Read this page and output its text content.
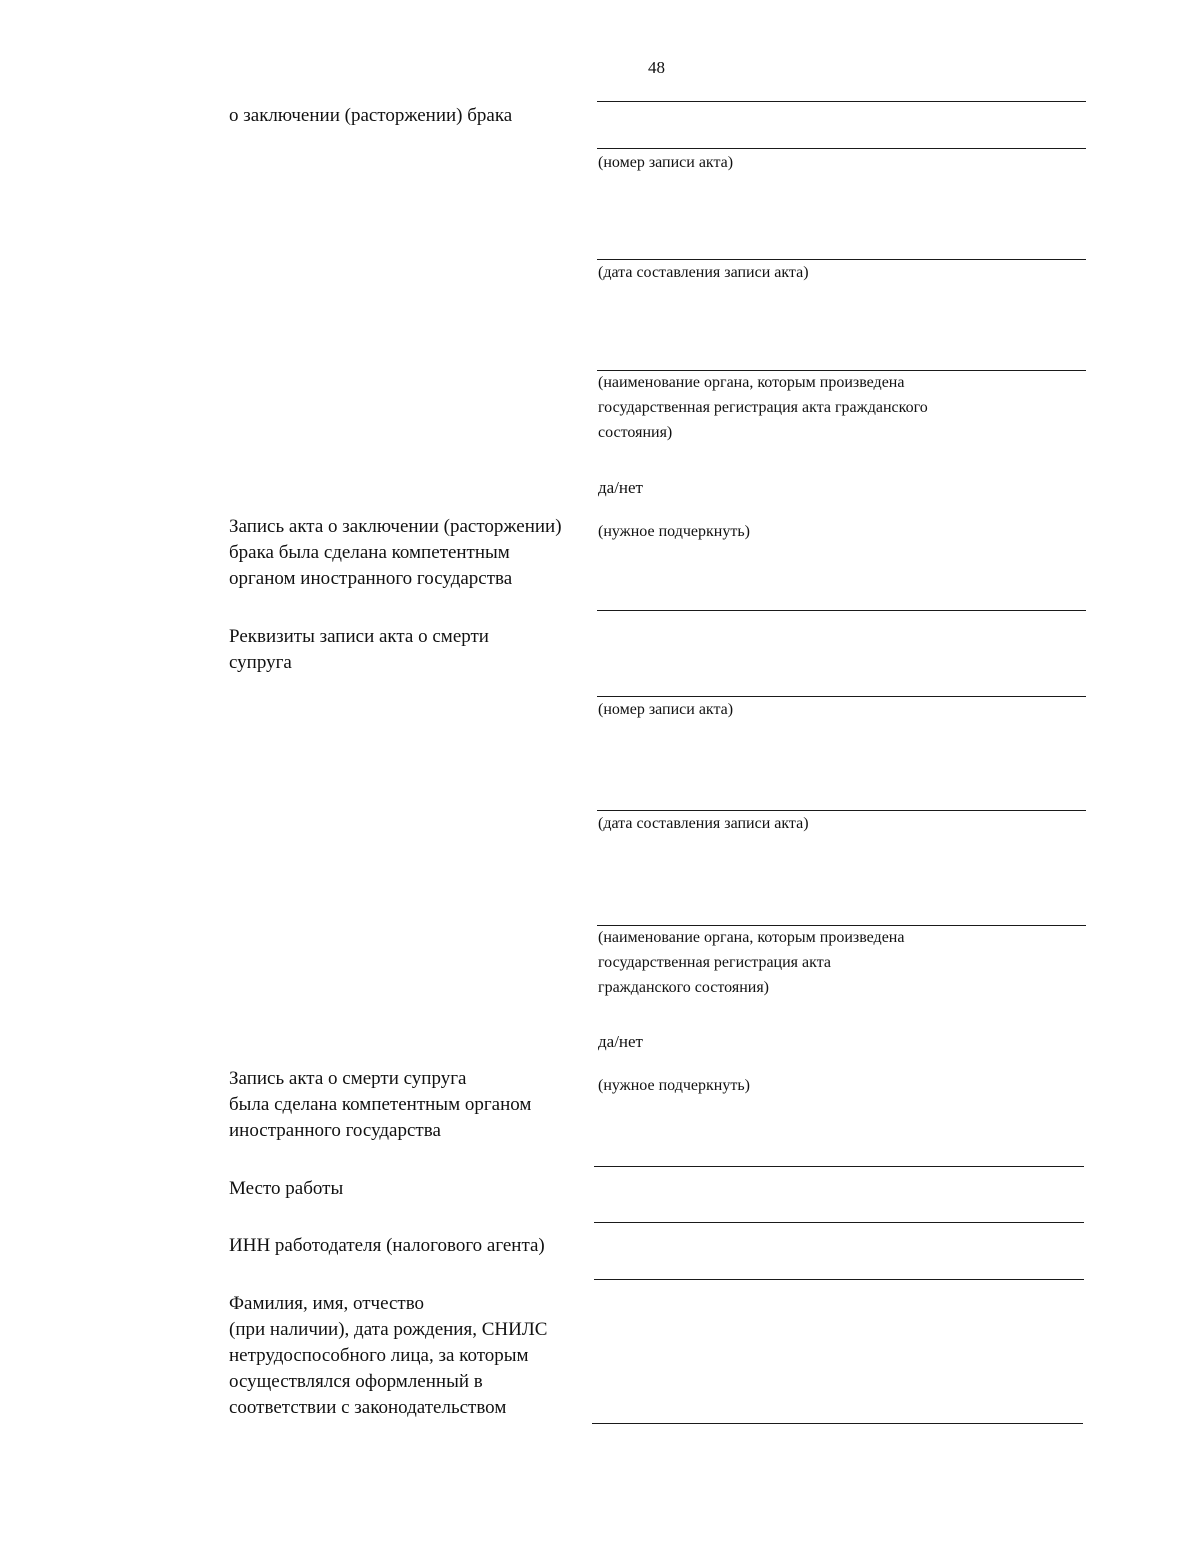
48
о заключении (расторжении) брака
(номер записи акта)
(дата составления записи акта)
(наименование органа, которым произведена
государственная регистрация акта гражданского
состояния)
да/нет
Запись акта о заключении (расторжении)
брака была сделана компетентным
органом иностранного государства
(нужное подчеркнуть)
Реквизиты записи акта о смерти
супруга
(номер записи акта)
(дата составления записи акта)
(наименование органа, которым произведена
государственная регистрация акта
гражданского состояния)
да/нет
Запись акта о смерти супруга
была сделана компетентным органом
иностранного государства
(нужное подчеркнуть)
Место работы
ИНН работодателя (налогового агента)
Фамилия, имя, отчество
(при наличии), дата рождения, СНИЛС
нетрудоспособного лица, за которым
осуществлялся оформленный в
соответствии с законодательством
